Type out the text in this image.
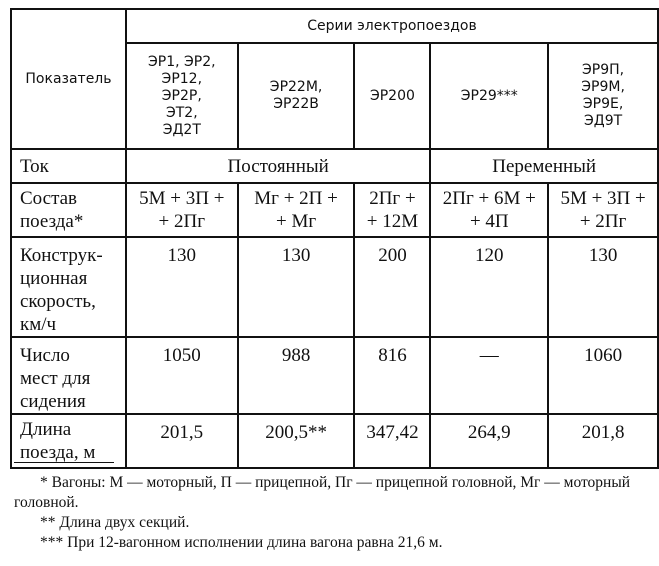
Показатель	Серии электропоездов				

	ЭР1, ЭР2,
ЭР12,
ЭР2Р,
ЭТ2,
ЭД2Т	ЭР22М,
ЭР22В	ЭР200	ЭР29***	ЭР9П,
ЭР9М,
ЭР9Е,
ЭД9Т

Ток	Постоянный			Переменный	

Состав
поезда*	5М + 3П +
+ 2Пг	Мг + 2П +
+ Мг	2Пг +
+ 12М	2Пг + 6М +
+ 4П	5М + 3П +
+ 2Пг

Конструк-
ционная
скорость,
км/ч	130	130	200	120	130

Число
мест для
сидения	1050	988	816	—	1060

Длина
поезда, м	201,5	200,5**	347,42	264,9	201,8

* Вагоны: М — моторный, П — прицепной, Пг — прицепной головной, Мг — моторный головной.

** Длина двух секций.

*** При 12-вагонном исполнении длина вагона равна 21,6 м.
